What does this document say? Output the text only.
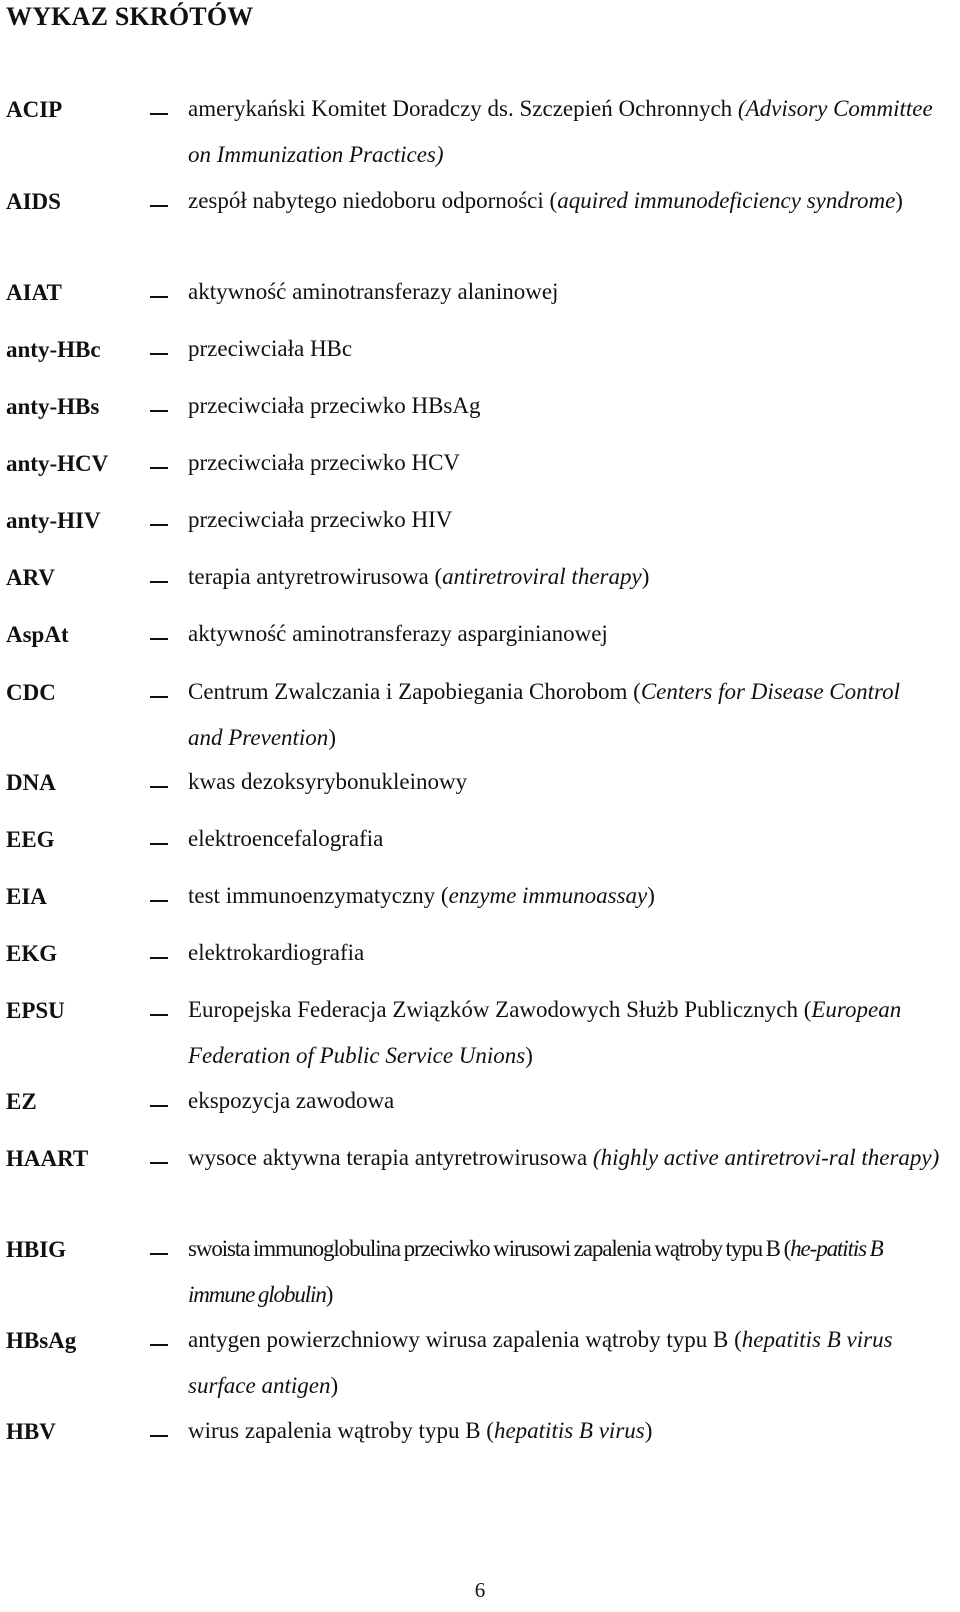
WYKAZ SKRÓTÓW
ACIP	amerykański Komitet Doradczy ds. Szczepień Ochronnych (Advisory Committee on Immunization Practices)
AIDS	zespół nabytego niedoboru odporności (aquired immunodeficiency syndrome)
AIAT	aktywność aminotransferazy alaninowej
anty-HBc	przeciwciała HBc
anty-HBs	przeciwciała przeciwko HBsAg
anty-HCV	przeciwciała przeciwko HCV
anty-HIV	przeciwciała przeciwko HIV
ARV	terapia antyretrowirusowa (antiretroviral therapy)
AspAt	aktywność aminotransferazy asparginianowej
CDC	Centrum Zwalczania i Zapobiegania Chorobom (Centers for Disease Control and Prevention)
DNA	kwas dezoksyrybonukleinowy
EEG	elektroencefalografia
EIA	test immunoenzymatyczny (enzyme immunoassay)
EKG	elektrokardiografia
EPSU	Europejska Federacja Związków Zawodowych Służb Publicznych (European Federation of Public Service Unions)
EZ	ekspozycja zawodowa
HAART	wysoce aktywna terapia antyretrowirusowa (highly active antiretrovi-ral therapy)
HBIG	swoista immunoglobulina przeciwko wirusowi zapalenia wątroby typu B (he-patitis B immune globulin)
HBsAg	antygen powierzchniowy wirusa zapalenia wątroby typu B (hepatitis B virus surface antigen)
HBV	wirus zapalenia wątroby typu B (hepatitis B virus)
6
